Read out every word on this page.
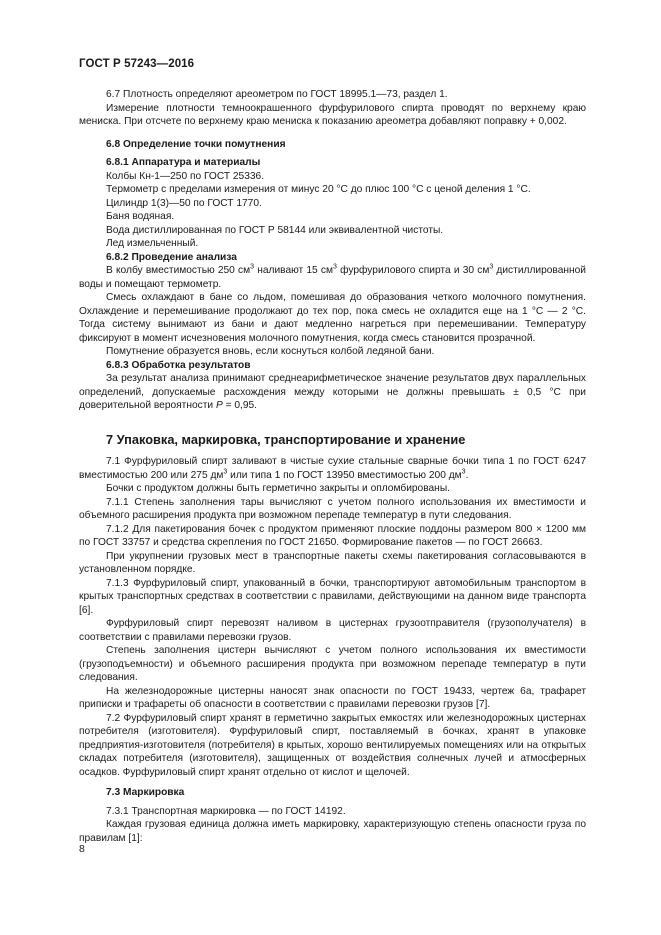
ГОСТ Р 57243—2016

6.7 Плотность определяют ареометром по ГОСТ 18995.1—73, раздел 1.

Измерение плотности темноокрашенного фурфурилового спирта проводят по верхнему краю мениска. При отсчете по верхнему краю мениска к показанию ареометра добавляют поправку + 0,002.

6.8 Определение точки помутнения
6.8.1 Аппаратура и материалы

Колбы Кн-1—250 по ГОСТ 25336.

Термометр с пределами измерения от минус 20 °С до плюс 100 °С с ценой деления 1 °С.

Цилиндр 1(3)—50 по ГОСТ 1770.

Баня водяная.

Вода дистиллированная по ГОСТ Р 58144 или эквивалентной чистоты.

Лед измельченный.

6.8.2 Проведение анализа

В колбу вместимостью 250 $см^3$ наливают 15 $см^3$ фурфурилового спирта и 30 $см^3$ дистиллированной воды и помещают термометр.

Смесь охлаждают в бане со льдом, помешивая до образования четкого молочного помутнения. Охлаждение и перемешивание продолжают до тех пор, пока смесь не охладится еще на 1 °С — 2 °С. Тогда систему вынимают из бани и дают медленно нагреться при перемешивании. Температуру фиксируют в момент исчезновения молочного помутнения, когда смесь становится прозрачной.

Помутнение образуется вновь, если коснуться колбой ледяной бани.

6.8.3 Обработка результатов

За результат анализа принимают среднеарифметическое значение результатов двух параллельных определений, допускаемые расхождения между которыми не должны превышать ± 0,5 °С при доверительной вероятности Р = 0,95.

7 Упаковка, маркировка, транспортирование и хранение

7.1 Фурфуриловый спирт заливают в чистые сухие стальные сварные бочки типа 1 по ГОСТ 6247 вместимостью 200 или 275 $дм^3$ или типа 1 по ГОСТ 13950 вместимостью 200 $дм^3$.

Бочки с продуктом должны быть герметично закрыты и опломбированы.

7.1.1 Степень заполнения тары вычисляют с учетом полного использования их вместимости и объемного расширения продукта при возможном перепаде температур в пути следования.

7.1.2 Для пакетирования бочек с продуктом применяют плоские поддоны размером 800 × 1200 мм по ГОСТ 33757 и средства скрепления по ГОСТ 21650. Формирование пакетов — по ГОСТ 26663.

При укрупнении грузовых мест в транспортные пакеты схемы пакетирования согласовываются в установленном порядке.

7.1.3 Фурфуриловый спирт, упакованный в бочки, транспортируют автомобильным транспортом в крытых транспортных средствах в соответствии с правилами, действующими на данном виде транспорта [6].

Фурфуриловый спирт перевозят наливом в цистернах грузоотправителя (грузополучателя) в соответствии с правилами перевозки грузов.

Степень заполнения цистерн вычисляют с учетом полного использования их вместимости (грузоподъемности) и объемного расширения продукта при возможном перепаде температур в пути следования.

На железнодорожные цистерны наносят знак опасности по ГОСТ 19433, чертеж 6а, трафарет приписки и трафареты об опасности в соответствии с правилами перевозки грузов [7].

7.2 Фурфуриловый спирт хранят в герметично закрытых емкостях или железнодорожных цистернах потребителя (изготовителя). Фурфуриловый спирт, поставляемый в бочках, хранят в упаковке предприятия-изготовителя (потребителя) в крытых, хорошо вентилируемых помещениях или на открытых складах потребителя (изготовителя), защищенных от воздействия солнечных лучей и атмосферных осадков. Фурфуриловый спирт хранят отдельно от кислот и щелочей.

7.3 Маркировка

7.3.1 Транспортная маркировка — по ГОСТ 14192.

Каждая грузовая единица должна иметь маркировку, характеризующую степень опасности груза по правилам [1]:

8
